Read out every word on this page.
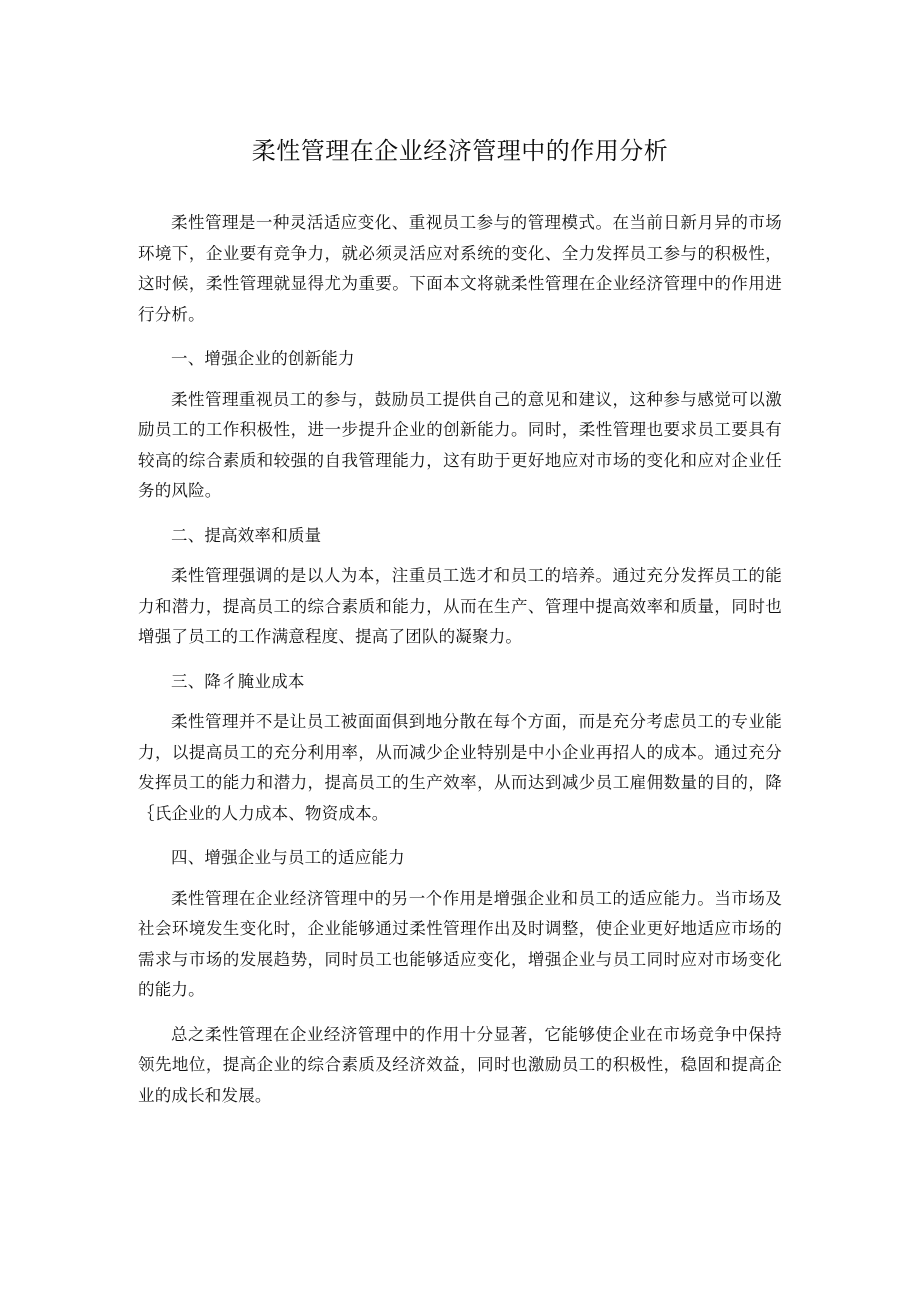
柔性管理在企业经济管理中的作用分析

柔性管理是一种灵活适应变化、重视员工参与的管理模式。在当前日新月异的市场环境下，企业要有竞争力，就必须灵活应对系统的变化、全力发挥员工参与的积极性，这时候，柔性管理就显得尤为重要。下面本文将就柔性管理在企业经济管理中的作用进行分析。

一、增强企业的创新能力

柔性管理重视员工的参与，鼓励员工提供自己的意见和建议，这种参与感觉可以激励员工的工作积极性，进一步提升企业的创新能力。同时，柔性管理也要求员工要具有较高的综合素质和较强的自我管理能力，这有助于更好地应对市场的变化和应对企业任务的风险。

二、提高效率和质量

柔性管理强调的是以人为本，注重员工选才和员工的培养。通过充分发挥员工的能力和潜力，提高员工的综合素质和能力，从而在生产、管理中提高效率和质量，同时也增强了员工的工作满意程度、提高了团队的凝聚力。

三、降彳腌业成本

柔性管理并不是让员工被面面俱到地分散在每个方面，而是充分考虑员工的专业能力，以提高员工的充分利用率，从而减少企业特别是中小企业再招人的成本。通过充分发挥员工的能力和潜力，提高员工的生产效率，从而达到减少员工雇佣数量的目的，降｛氏企业的人力成本、物资成本。

四、增强企业与员工的适应能力

柔性管理在企业经济管理中的另一个作用是增强企业和员工的适应能力。当市场及社会环境发生变化时，企业能够通过柔性管理作出及时调整，使企业更好地适应市场的需求与市场的发展趋势，同时员工也能够适应变化，增强企业与员工同时应对市场变化的能力。

总之柔性管理在企业经济管理中的作用十分显著，它能够使企业在市场竞争中保持领先地位，提高企业的综合素质及经济效益，同时也激励员工的积极性，稳固和提高企业的成长和发展。
